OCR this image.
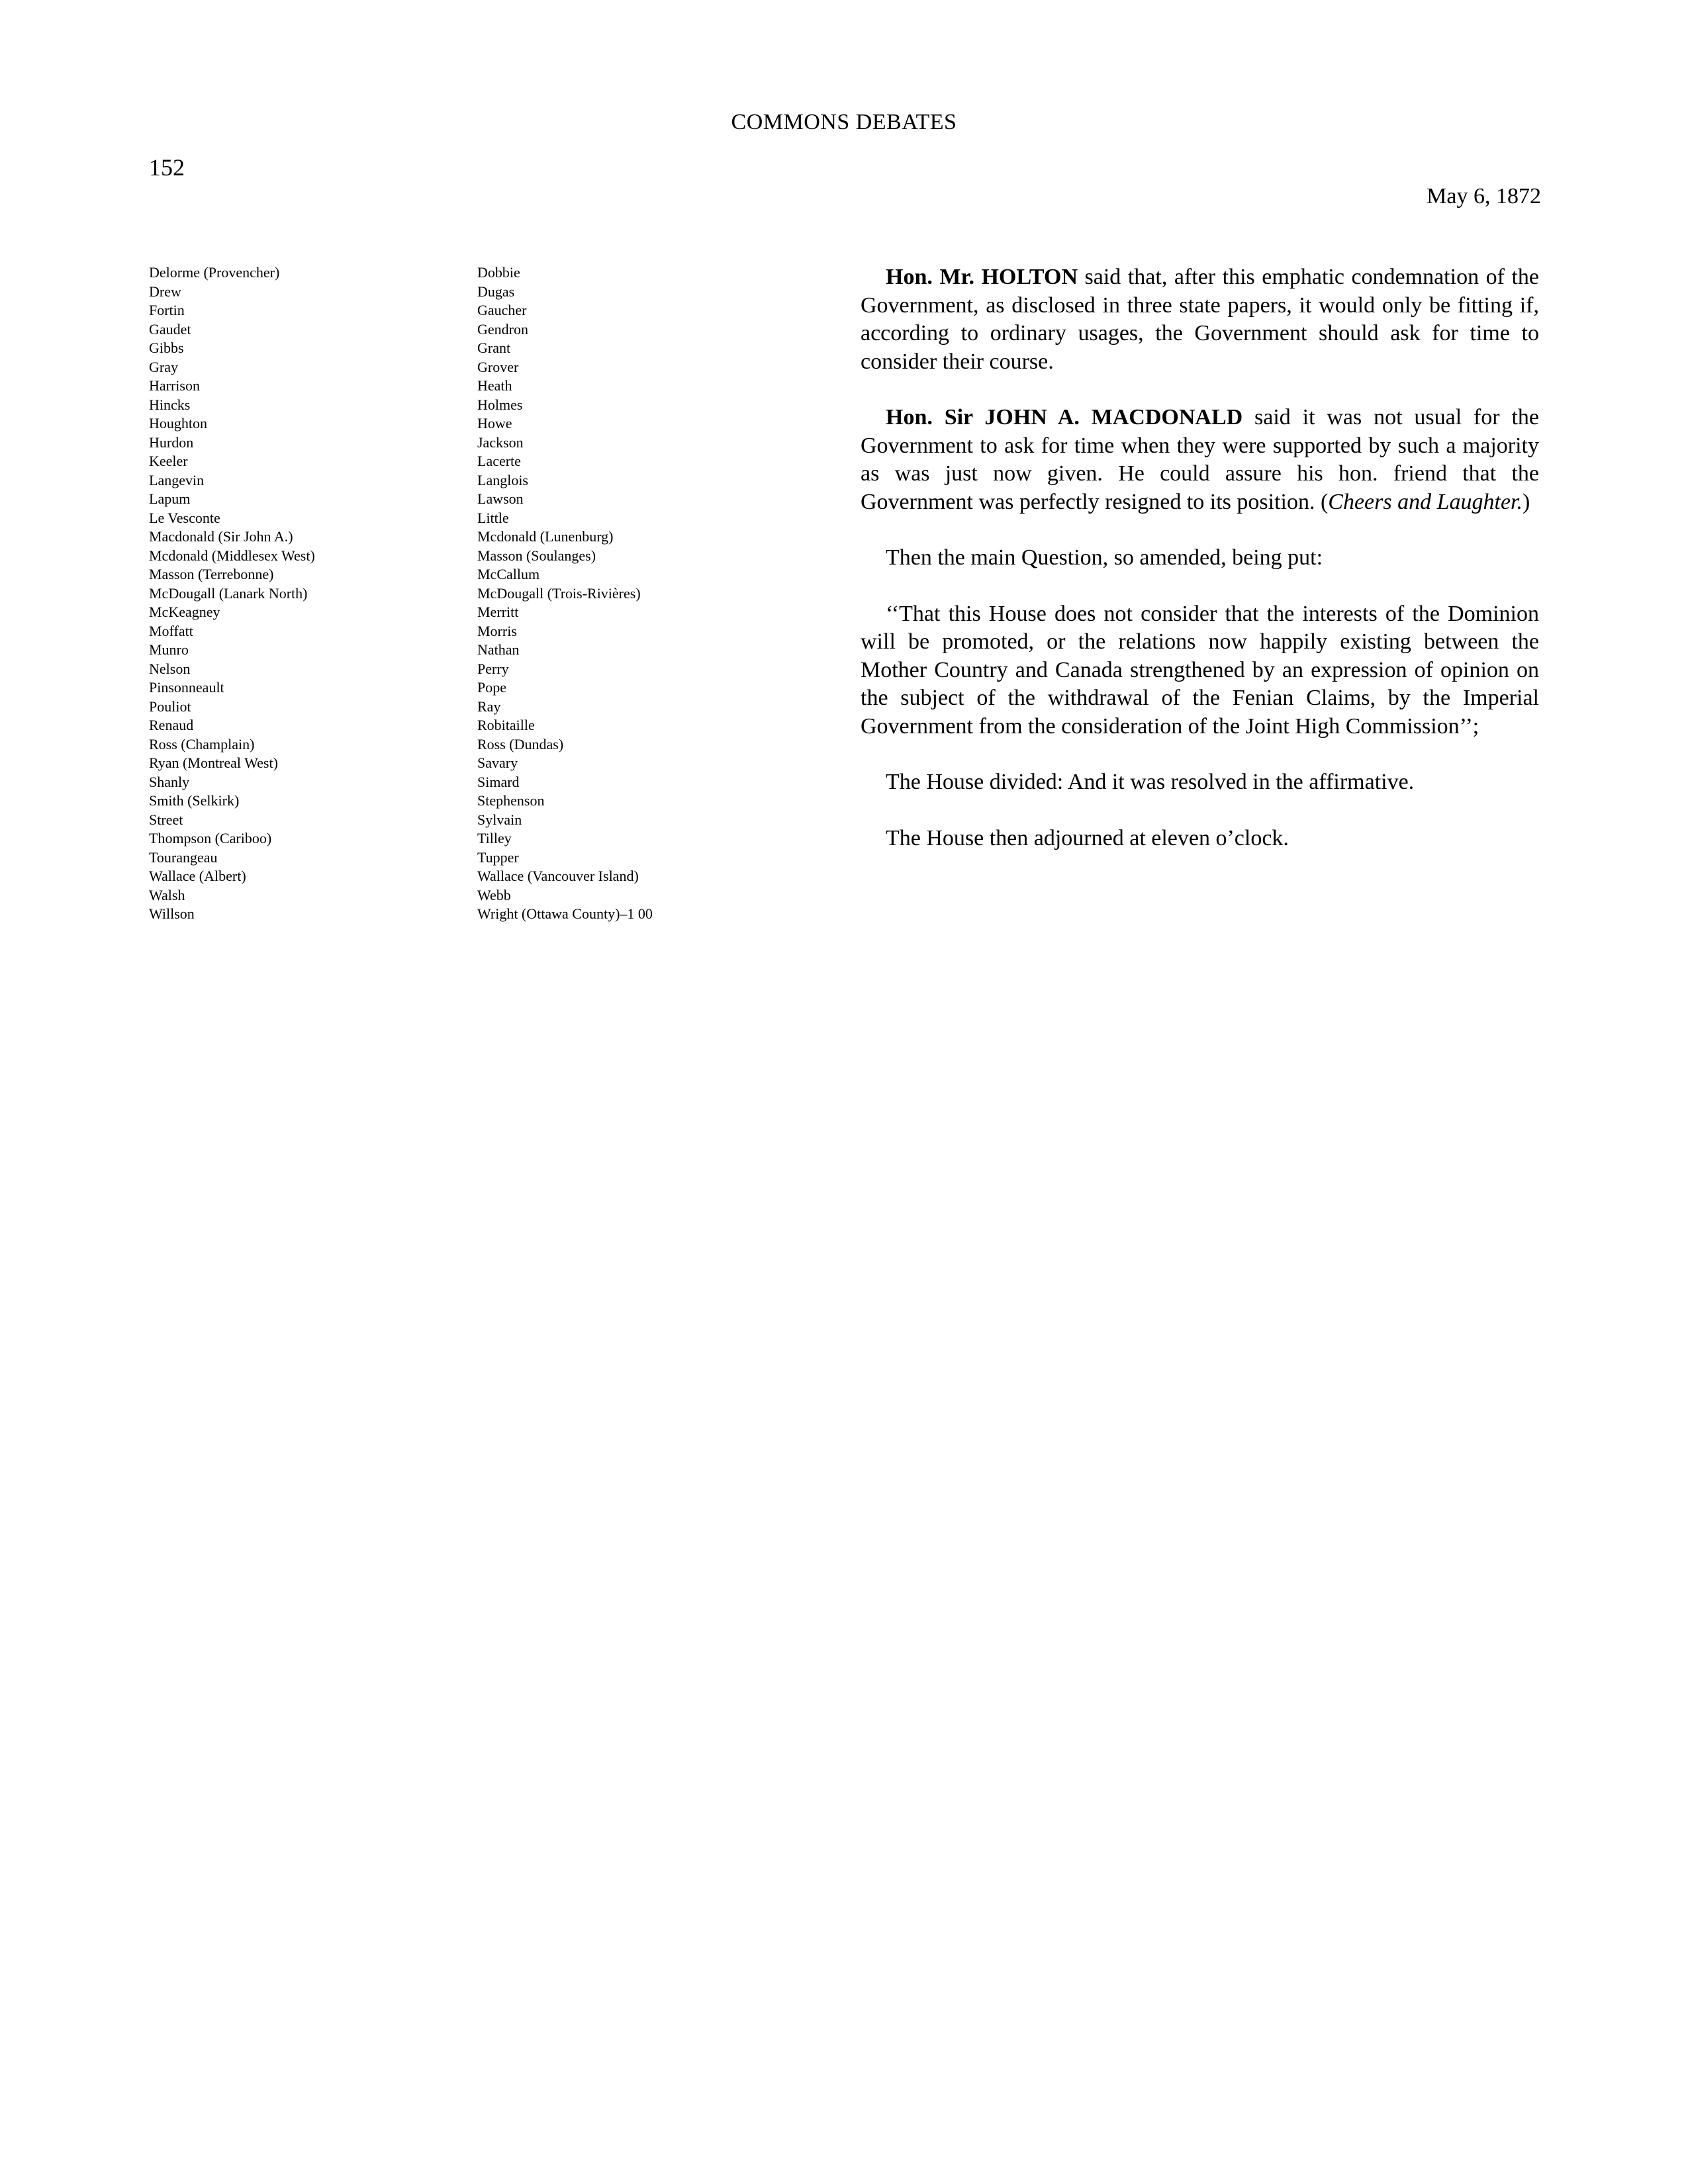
COMMONS DEBATES
152
May 6, 1872
Delorme (Provencher)
Drew
Fortin
Gaudet
Gibbs
Gray
Harrison
Hincks
Houghton
Hurdon
Keeler
Langevin
Lapum
Le Vesconte
Macdonald (Sir John A.)
Mcdonald (Middlesex West)
Masson (Terrebonne)
McDougall (Lanark North)
McKeagney
Moffatt
Munro
Nelson
Pinsonneault
Pouliot
Renaud
Ross (Champlain)
Ryan (Montreal West)
Shanly
Smith (Selkirk)
Street
Thompson (Cariboo)
Tourangeau
Wallace (Albert)
Walsh
Willson
Dobbie
Dugas
Gaucher
Gendron
Grant
Grover
Heath
Holmes
Howe
Jackson
Lacerte
Langlois
Lawson
Little
Mcdonald (Lunenburg)
Masson (Soulanges)
McCallum
McDougall (Trois-Rivières)
Merritt
Morris
Nathan
Perry
Pope
Ray
Robitaille
Ross (Dundas)
Savary
Simard
Stephenson
Sylvain
Tilley
Tupper
Wallace (Vancouver Island)
Webb
Wright (Ottawa County)–1 00

Hon. Mr. HOLTON said that, after this emphatic condemnation of the Government, as disclosed in three state papers, it would only be fitting if, according to ordinary usages, the Government should ask for time to consider their course.

Hon. Sir JOHN A. MACDONALD said it was not usual for the Government to ask for time when they were supported by such a majority as was just now given. He could assure his hon. friend that the Government was perfectly resigned to its position. (Cheers and Laughter.)

Then the main Question, so amended, being put:

‘‘That this House does not consider that the interests of the Dominion will be promoted, or the relations now happily existing between the Mother Country and Canada strengthened by an expression of opinion on the subject of the withdrawal of the Fenian Claims, by the Imperial Government from the consideration of the Joint High Commission’’;

The House divided: And it was resolved in the affirmative.

The House then adjourned at eleven o’clock.
